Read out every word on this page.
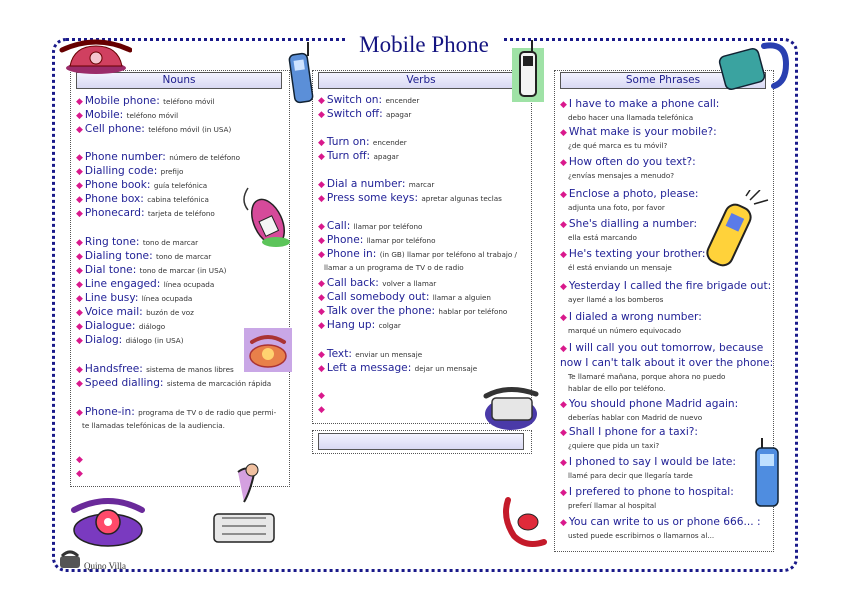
Mobile Phone
Nouns	Verbs	Some Phrases
◆ Mobile phone: teléfono móvil
◆ Mobile: teléfono móvil
◆ Cell phone: teléfono móvil (in USA)
◆ Phone number: número de teléfono
◆ Dialling code: prefijo
◆ Phone book: guía telefónica
◆ Phone box: cabina telefónica
◆ Phonecard: tarjeta de teléfono
◆ Ring tone: tono de marcar
◆ Dialing tone: tono de marcar
◆ Dial tone: tono de marcar (in USA)
◆ Line engaged: línea ocupada
◆ Line busy: línea ocupada
◆ Voice mail: buzón de voz
◆ Dialogue: diálogo
◆ Dialog: diálogo (in USA)
◆ Handsfree: sistema de manos libres
◆ Speed dialling: sistema de marcación rápida
◆ Phone-in: programa de TV o de radio que permi-
te llamadas telefónicas de la audiencia.
◆ Switch on: encender
◆ Switch off: apagar
◆ Turn on: encender
◆ Turn off: apagar
◆ Dial a number: marcar
◆ Press some keys: apretar algunas teclas
◆ Call: llamar por teléfono
◆ Phone: llamar por teléfono
◆ Phone in: (in GB) llamar por teléfono al trabajo /
◆ Call back: volver a llamar
◆ Call somebody out: llamar a alguien
◆ Talk over the phone: hablar por teléfono
◆ Hang up: colgar
◆ Text: enviar un mensaje
◆ Left a message: dejar un mensaje
llamar a un programa de TV o de radio
◆ I have to make a phone call:
debo hacer una llamada telefónica
◆ What make is your mobile?:
¿de qué marca es tu móvil?
◆ How often do you text?:
¿envías mensajes a menudo?
◆ Enclose a photo, please:
adjunta una foto, por favor
◆ She's dialling a number:
ella está marcando
◆ He's texting your brother:
él está enviando un mensaje
◆ Yesterday I called the fire brigade out:
ayer llamé a los bomberos
◆ I dialed a wrong number:
marqué un número equivocado
◆ I will call you out tomorrow, because
now I can't talk about it over the phone:
Te llamaré mañana, porque ahora no puedo
hablar de ello por teléfono.
◆ You should phone Madrid again:
deberías hablar con Madrid de nuevo
◆ Shall I phone for a taxi?:
¿quiere que pida un taxi?
◆ I phoned to say I would be late:
llamé para decir que llegaría tarde
◆ I prefered to phone to hospital:
preferí llamar al hospital
◆ You can write to us or phone 666... :
usted puede escribirnos o llamarnos al...
◆
◆
◆
◆
Quino Villa
